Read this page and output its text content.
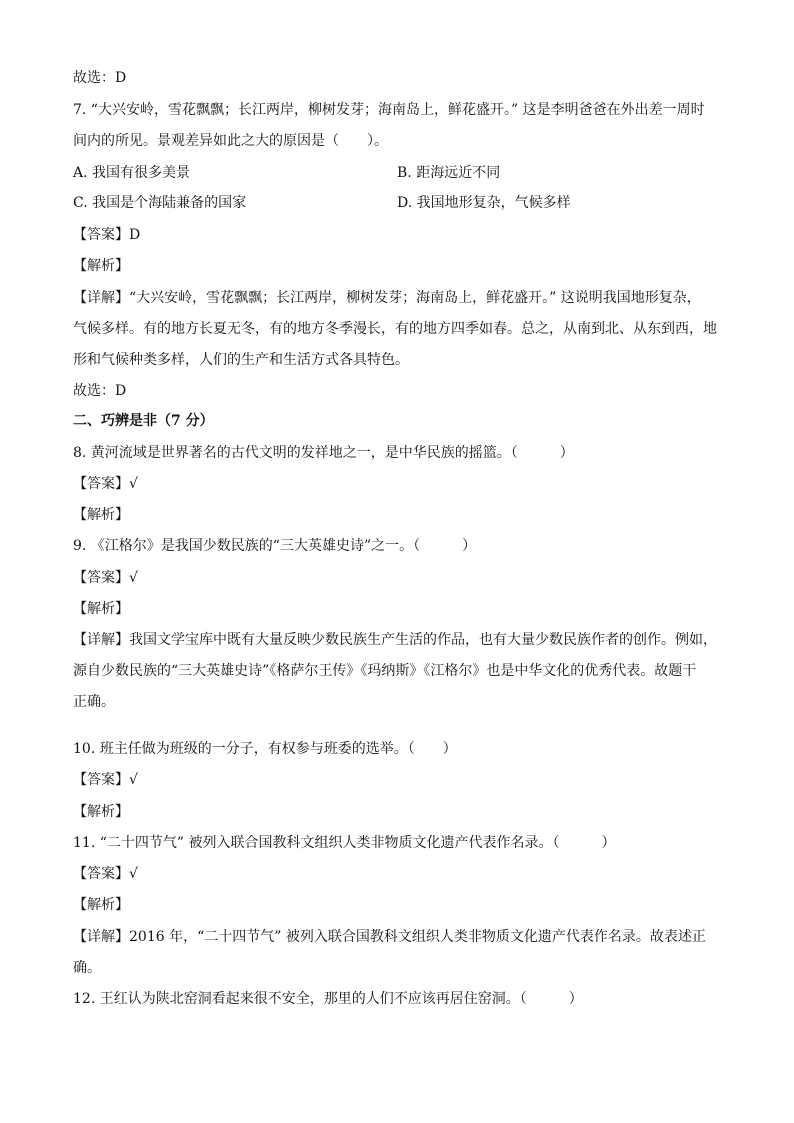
故选：D
7. “大兴安岭，雪花飘飘；长江两岸，柳树发芽；海南岛上，鲜花盛开。” 这是李明爸爸在外出差一周时
间内的所见。景观差异如此之大的原因是（　　）。
A. 我国有很多美景	B. 距海远近不同
C. 我国是个海陆兼备的国家	D. 我国地形复杂，气候多样
【答案】D
【解析】
【详解】“大兴安岭，雪花飘飘；长江两岸，柳树发芽；海南岛上，鲜花盛开。” 这说明我国地形复杂，
气候多样。有的地方长夏无冬，有的地方冬季漫长，有的地方四季如春。总之，从南到北、从东到西，地
形和气候种类多样，人们的生产和生活方式各具特色。
故选：D
二、巧辨是非（7 分）
8. 黄河流域是世界著名的古代文明的发祥地之一，是中华民族的摇篮。（　　　）
【答案】√
【解析】
9. 《江格尔》是我国少数民族的“三大英雄史诗”之一。（　　　）
【答案】√
【解析】
【详解】我国文学宝库中既有大量反映少数民族生产生活的作品，也有大量少数民族作者的创作。例如，
源自少数民族的“三大英雄史诗”《格萨尔王传》《玛纳斯》《江格尔》也是中华文化的优秀代表。故题干
正确。
10. 班主任做为班级的一分子，有权参与班委的选举。（　　）
【答案】√
【解析】
11. “二十四节气” 被列入联合国教科文组织人类非物质文化遗产代表作名录。（　　　）
【答案】√
【解析】
【详解】2016 年，“二十四节气” 被列入联合国教科文组织人类非物质文化遗产代表作名录。故表述正
确。
12. 王红认为陕北窑洞看起来很不安全，那里的人们不应该再居住窑洞。（　　　）
